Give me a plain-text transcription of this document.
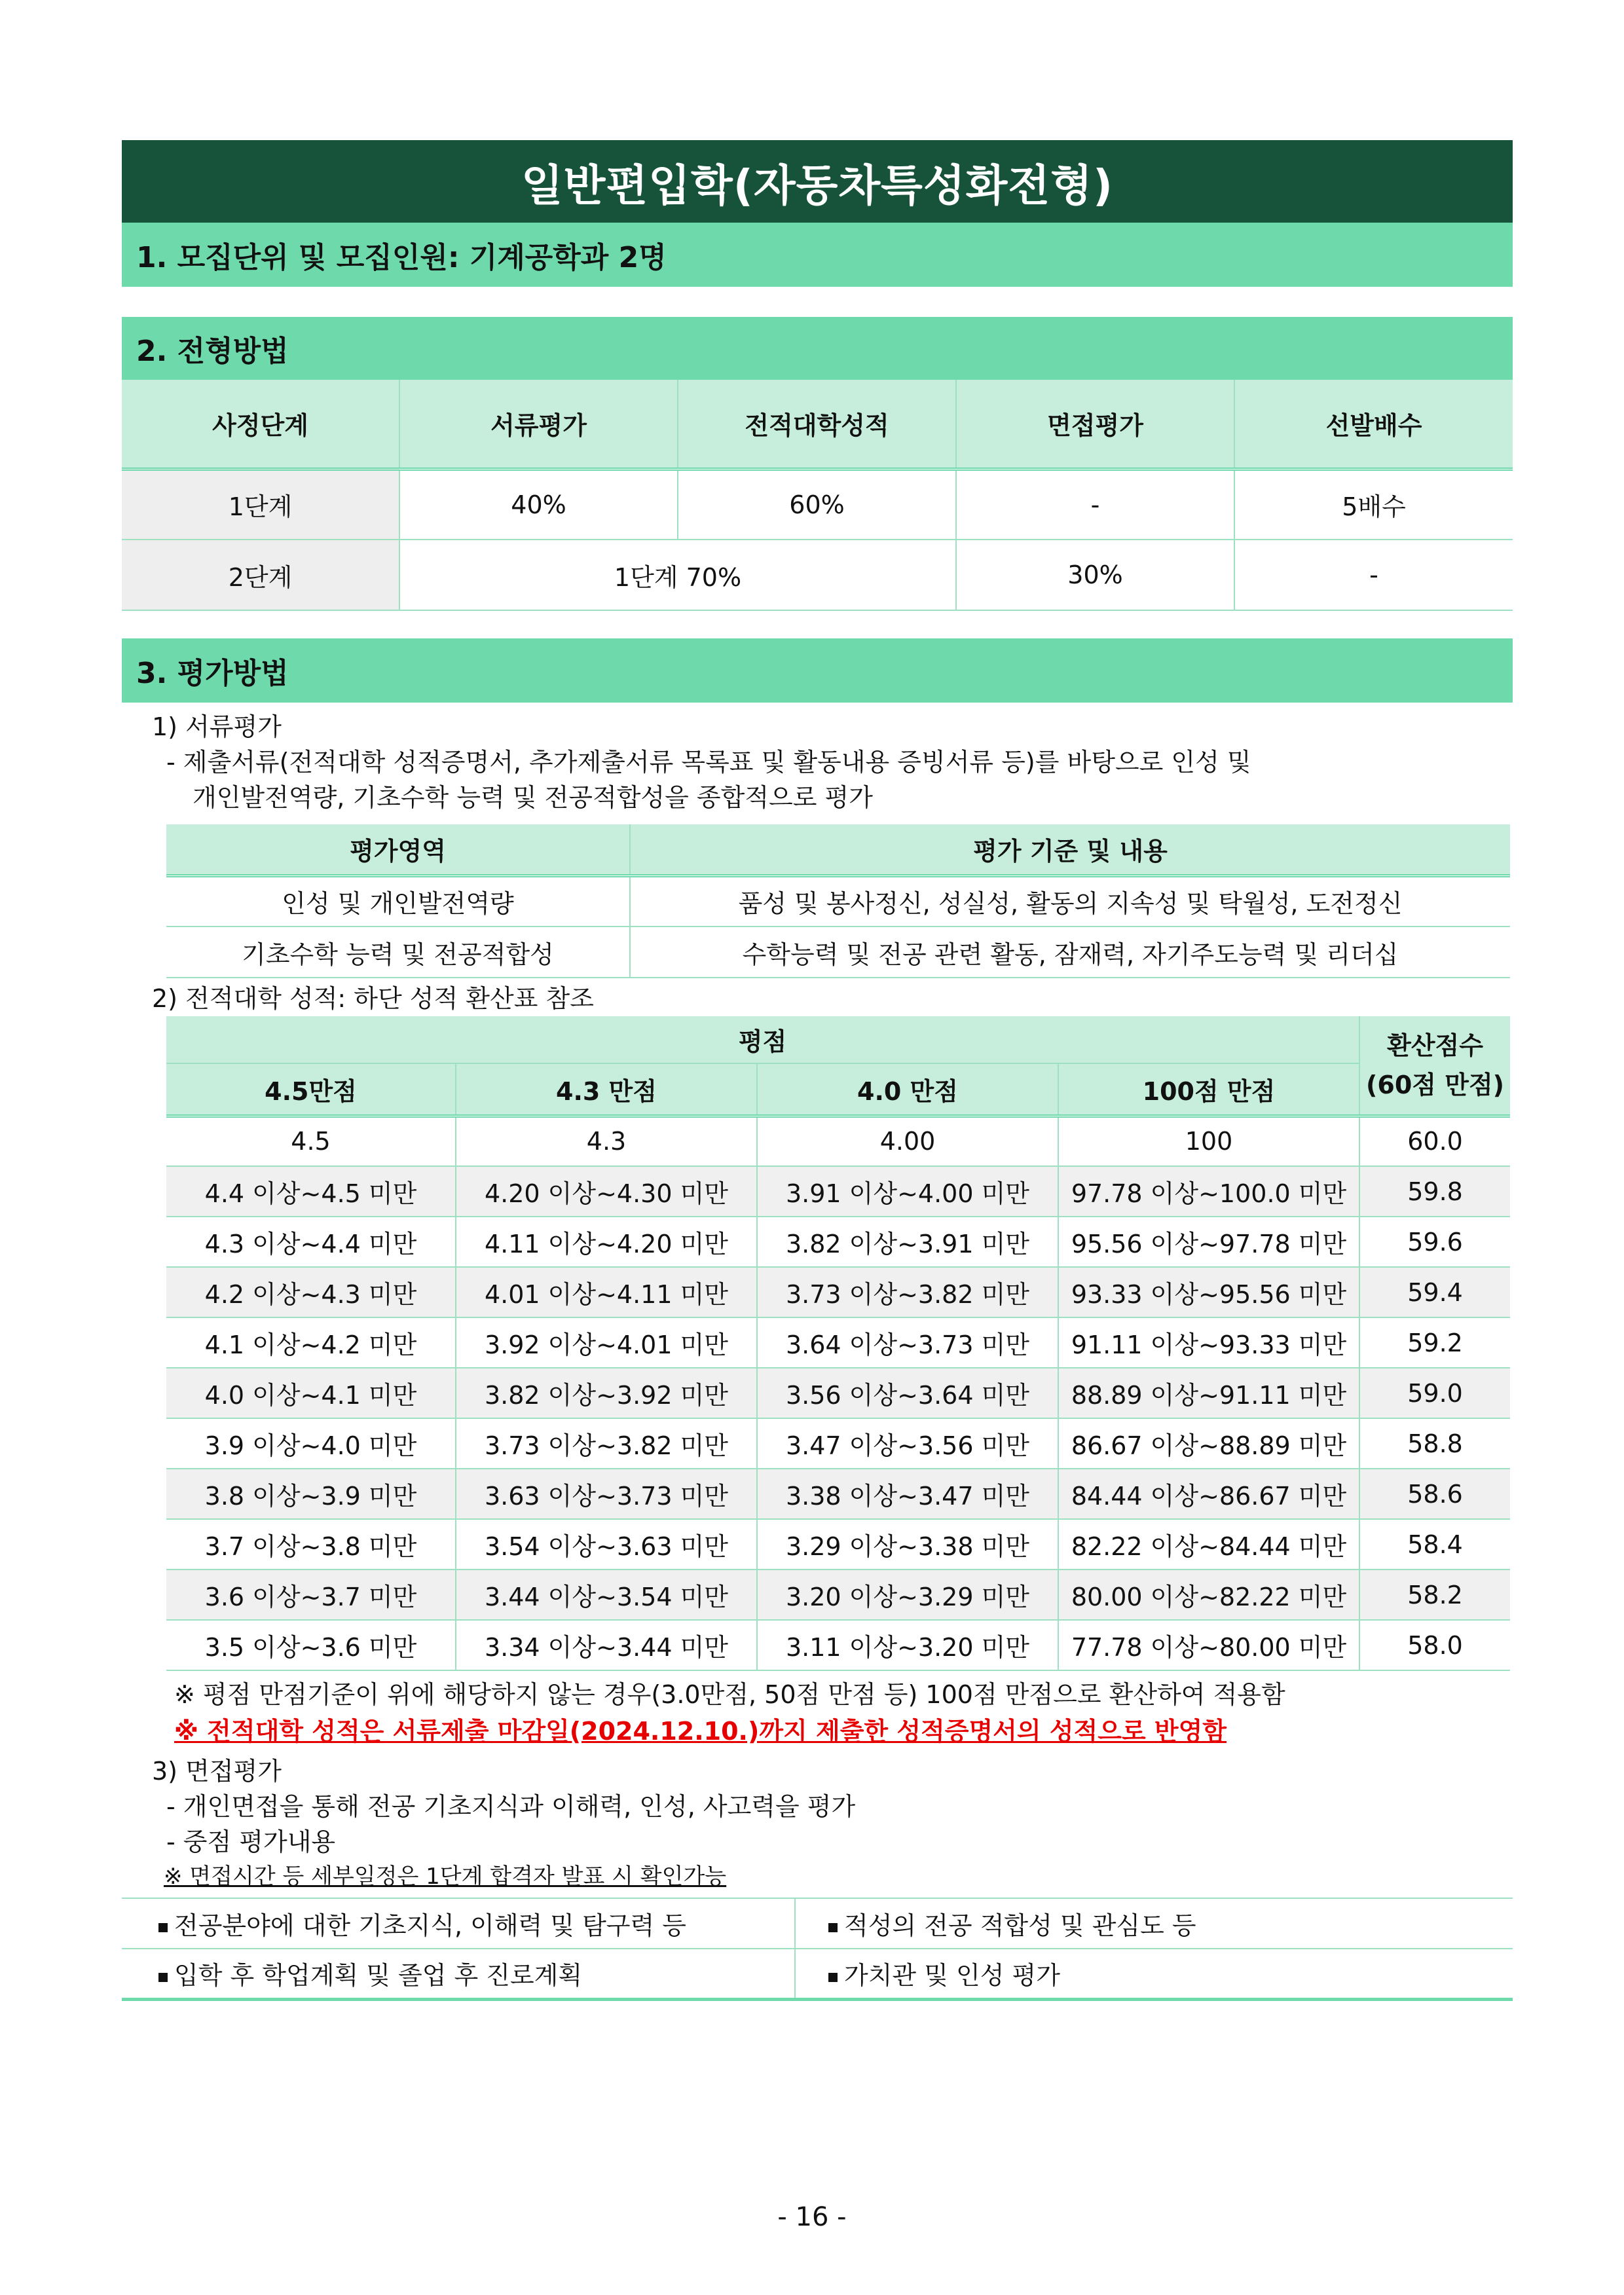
일반편입학(자동차특성화전형)
1. 모집단위 및 모집인원: 기계공학과 2명
2. 전형방법
사정단계	서류평가	전적대학성적	면접평가	선발배수
1단계	40%	60%	-	5배수
2단계	1단계 70%		30%	-
3. 평가방법
1) 서류평가
- 제출서류(전적대학 성적증명서, 추가제출서류 목록표 및 활동내용 증빙서류 등)를 바탕으로 인성 및
개인발전역량, 기초수학 능력 및 전공적합성을 종합적으로 평가
평가영역	평가 기준 및 내용
인성 및 개인발전역량	품성 및 봉사정신, 성실성, 활동의 지속성 및 탁월성, 도전정신
기초수학 능력 및 전공적합성	수학능력 및 전공 관련 활동, 잠재력, 자기주도능력 및 리더십
2) 전적대학 성적: 하단 성적 환산표 참조
평점				환산점수
(60점 만점)

4.5만점	4.3 만점	4.0 만점	100점 만점	
4.5	4.3	4.00	100	60.0
4.4 이상~4.5 미만	4.20 이상~4.30 미만	3.91 이상~4.00 미만	97.78 이상~100.0 미만	59.8
4.3 이상~4.4 미만	4.11 이상~4.20 미만	3.82 이상~3.91 미만	95.56 이상~97.78 미만	59.6
4.2 이상~4.3 미만	4.01 이상~4.11 미만	3.73 이상~3.82 미만	93.33 이상~95.56 미만	59.4
4.1 이상~4.2 미만	3.92 이상~4.01 미만	3.64 이상~3.73 미만	91.11 이상~93.33 미만	59.2
4.0 이상~4.1 미만	3.82 이상~3.92 미만	3.56 이상~3.64 미만	88.89 이상~91.11 미만	59.0
3.9 이상~4.0 미만	3.73 이상~3.82 미만	3.47 이상~3.56 미만	86.67 이상~88.89 미만	58.8
3.8 이상~3.9 미만	3.63 이상~3.73 미만	3.38 이상~3.47 미만	84.44 이상~86.67 미만	58.6
3.7 이상~3.8 미만	3.54 이상~3.63 미만	3.29 이상~3.38 미만	82.22 이상~84.44 미만	58.4
3.6 이상~3.7 미만	3.44 이상~3.54 미만	3.20 이상~3.29 미만	80.00 이상~82.22 미만	58.2
3.5 이상~3.6 미만	3.34 이상~3.44 미만	3.11 이상~3.20 미만	77.78 이상~80.00 미만	58.0
※ 평점 만점기준이 위에 해당하지 않는 경우(3.0만점, 50점 만점 등) 100점 만점으로 환산하여 적용함
※ 전적대학 성적은 서류제출 마감일(2024.12.10.)까지 제출한 성적증명서의 성적으로 반영함
3) 면접평가
- 개인면접을 통해 전공 기초지식과 이해력, 인성, 사고력을 평가
- 중점 평가내용
※ 면접시간 등 세부일정은 1단계 합격자 발표 시 확인가능
전공분야에 대한 기초지식, 이해력 및 탐구력 등	적성의 전공 적합성 및 관심도 등
입학 후 학업계획 및 졸업 후 진로계획	가치관 및 인성 평가
- 16 -
